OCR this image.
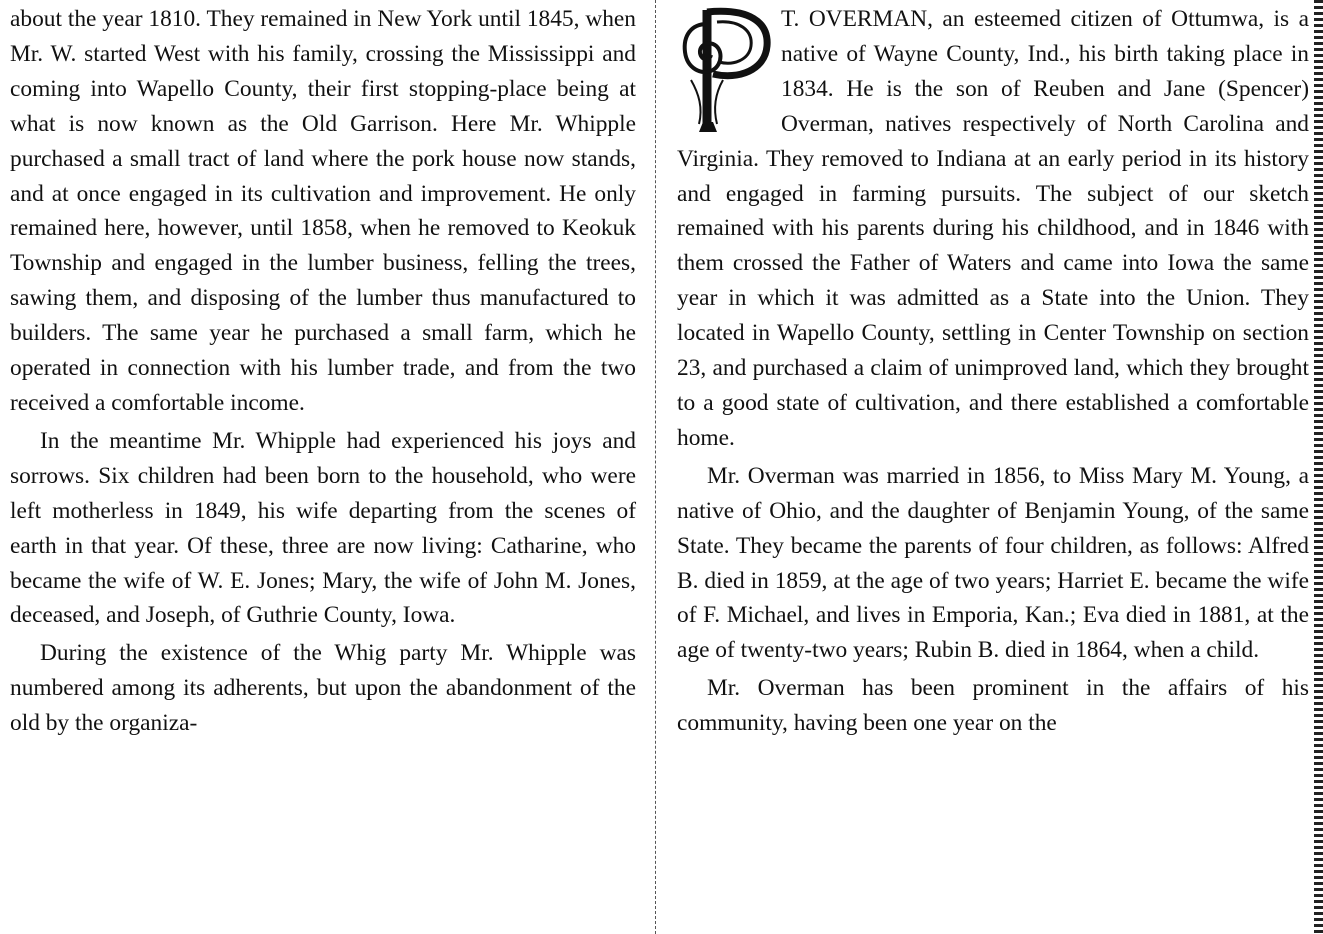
about the year 1810. They remained in New York until 1845, when Mr. W. started West with his family, crossing the Mississippi and coming into Wapello County, their first stopping-place being at what is now known as the Old Garrison. Here Mr. Whipple purchased a small tract of land where the pork house now stands, and at once engaged in its cultivation and improvement. He only remained here, however, until 1858, when he removed to Keokuk Township and engaged in the lumber business, felling the trees, sawing them, and disposing of the lumber thus manufactured to builders. The same year he purchased a small farm, which he operated in connection with his lumber trade, and from the two received a comfortable income.

In the meantime Mr. Whipple had experienced his joys and sorrows. Six children had been born to the household, who were left motherless in 1849, his wife departing from the scenes of earth in that year. Of these, three are now living: Catharine, who became the wife of W. E. Jones; Mary, the wife of John M. Jones, deceased, and Joseph, of Guthrie County, Iowa.

During the existence of the Whig party Mr. Whipple was numbered among its adherents, but upon the abandonment of the old by the organiza-

T. OVERMAN, an esteemed citizen of Ottumwa, is a native of Wayne County, Ind., his birth taking place in 1834. He is the son of Reuben and Jane (Spencer) Overman, natives respectively of North Carolina and Virginia. They removed to Indiana at an early period in its history and engaged in farming pursuits. The subject of our sketch remained with his parents during his childhood, and in 1846 with them crossed the Father of Waters and came into Iowa the same year in which it was admitted as a State into the Union. They located in Wapello County, settling in Center Township on section 23, and purchased a claim of unimproved land, which they brought to a good state of cultivation, and there established a comfortable home.

Mr. Overman was married in 1856, to Miss Mary M. Young, a native of Ohio, and the daughter of Benjamin Young, of the same State. They became the parents of four children, as follows: Alfred B. died in 1859, at the age of two years; Harriet E. became the wife of F. Michael, and lives in Emporia, Kan.; Eva died in 1881, at the age of twenty-two years; Rubin B. died in 1864, when a child.

Mr. Overman has been prominent in the affairs of his community, having been one year on the
